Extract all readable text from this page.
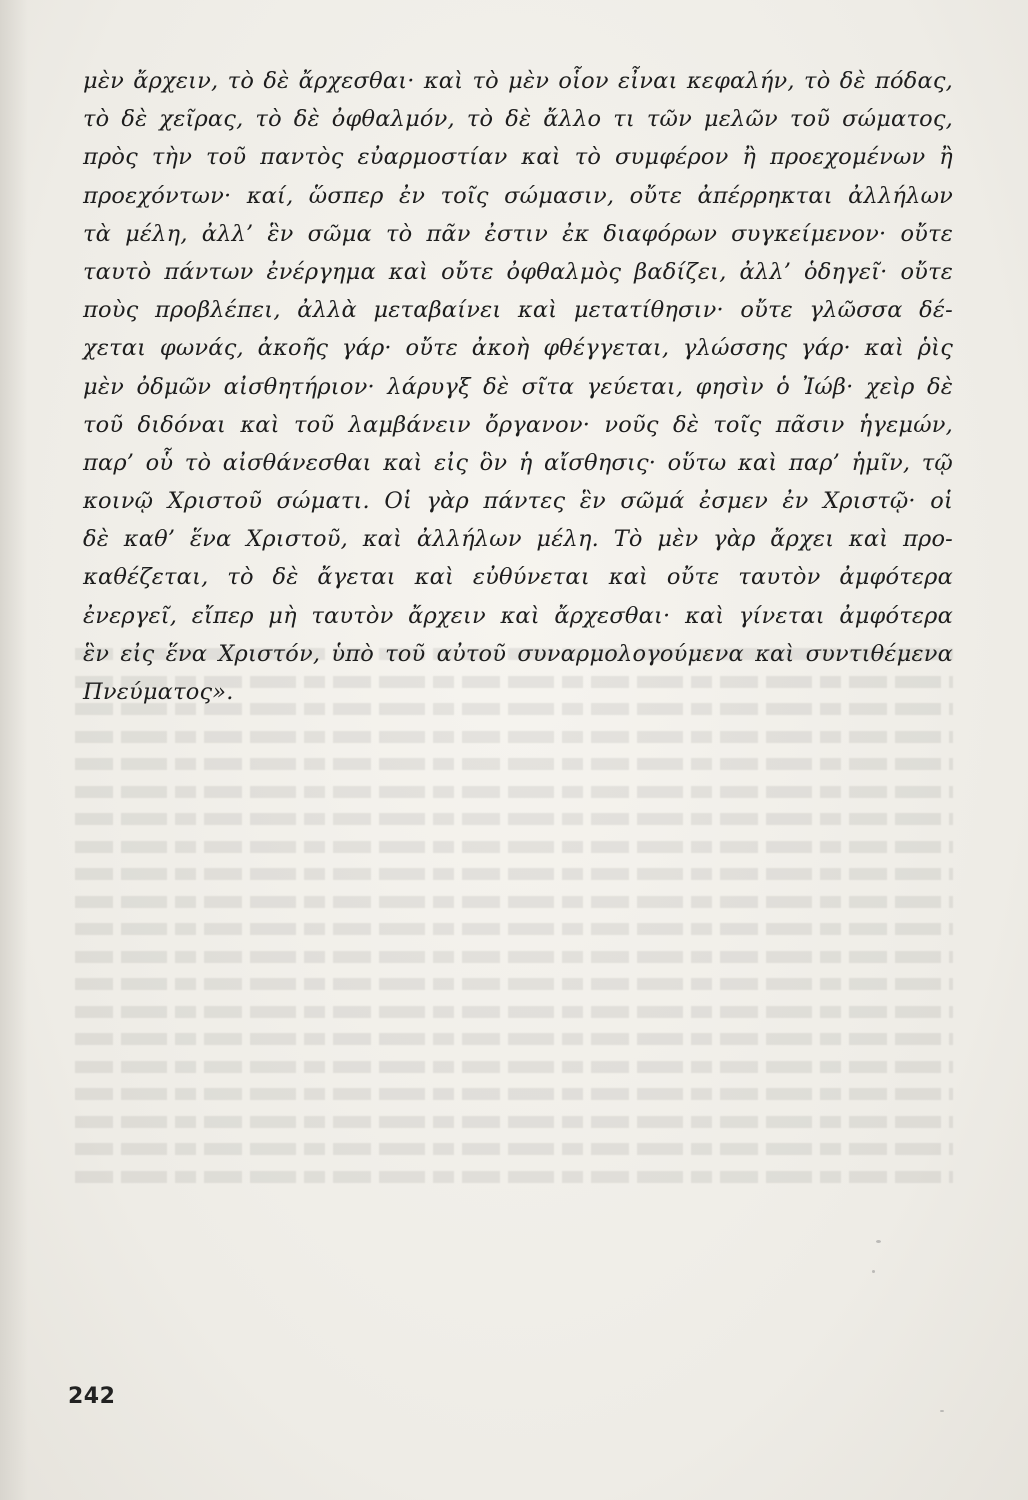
μὲν ἄρχειν, τὸ δὲ ἄρχεσθαι· καὶ τὸ μὲν οἷον εἶναι κεφαλήν, τὸ δὲ πόδας,
τὸ δὲ χεῖρας, τὸ δὲ ὀφθαλμόν, τὸ δὲ ἄλλο τι τῶν μελῶν τοῦ σώματος,
πρὸς τὴν τοῦ παντὸς εὐαρμοστίαν καὶ τὸ συμφέρον ἢ προεχομένων ἢ
προεχόντων· καί, ὥσπερ ἐν τοῖς σώμασιν, οὔτε ἀπέρρηκται ἀλλήλων
τὰ μέλη, ἀλλ’ ἓν σῶμα τὸ πᾶν ἐστιν ἐκ διαφόρων συγκείμενον· οὔτε
ταυτὸ πάντων ἐνέργημα καὶ οὔτε ὀφθαλμὸς βαδίζει, ἀλλ’ ὁδηγεῖ· οὔτε
ποὺς προβλέπει, ἀλλὰ μεταβαίνει καὶ μετατίθησιν· οὔτε γλῶσσα δέ-
χεται φωνάς, ἀκοῆς γάρ· οὔτε ἀκοὴ φθέγγεται, γλώσσης γάρ· καὶ ῥὶς
μὲν ὀδμῶν αἰσθητήριον· λάρυγξ δὲ σῖτα γεύεται, φησὶν ὁ Ἰώβ· χεὶρ δὲ
τοῦ διδόναι καὶ τοῦ λαμβάνειν ὄργανον· νοῦς δὲ τοῖς πᾶσιν ἡγεμών,
παρ’ οὗ τὸ αἰσθάνεσθαι καὶ εἰς ὃν ἡ αἴσθησις· οὕτω καὶ παρ’ ἡμῖν, τῷ
κοινῷ Χριστοῦ σώματι. Οἱ γὰρ πάντες ἓν σῶμά ἐσμεν ἐν Χριστῷ· οἱ
δὲ καθ’ ἕνα Χριστοῦ, καὶ ἀλλήλων μέλη. Τὸ μὲν γὰρ ἄρχει καὶ προ-
καθέζεται, τὸ δὲ ἄγεται καὶ εὐθύνεται καὶ οὔτε ταυτὸν ἀμφότερα
ἐνεργεῖ, εἴπερ μὴ ταυτὸν ἄρχειν καὶ ἄρχεσθαι· καὶ γίνεται ἀμφότερα
ἓν εἰς ἕνα Χριστόν, ὑπὸ τοῦ αὐτοῦ συναρμολογούμενα καὶ συντιθέμενα
Πνεύματος».
242
